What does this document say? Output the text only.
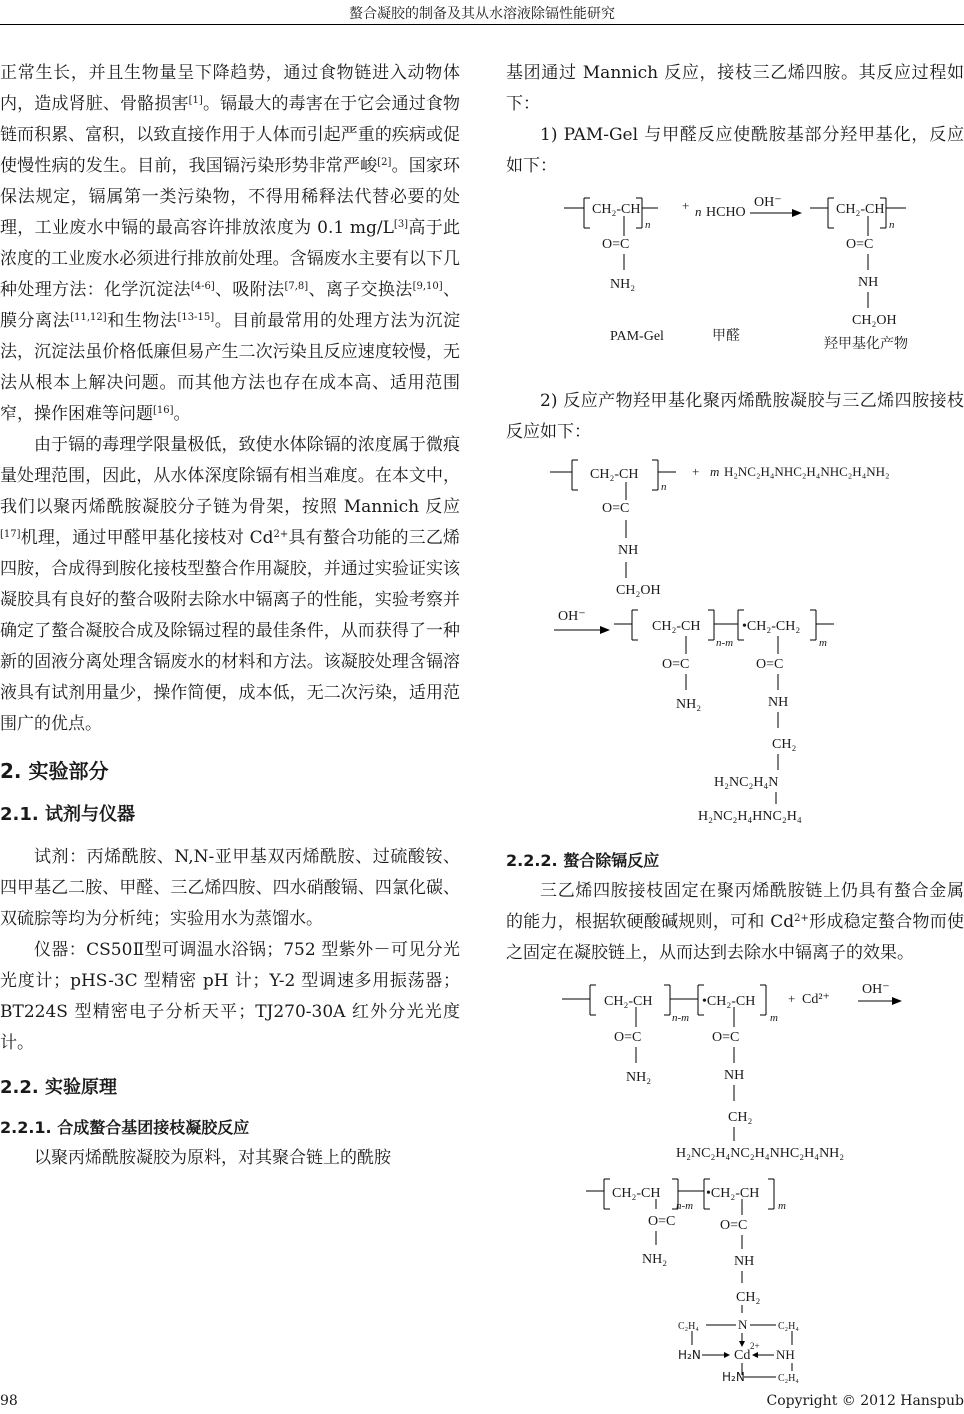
螯合凝胶的制备及其从水溶液除镉性能研究

正常生长，并且生物量呈下降趋势，通过食物链进入动物体内，造成肾脏、骨骼损害[1]。镉最大的毒害在于它会通过食物链而积累、富积，以致直接作用于人体而引起严重的疾病或促使慢性病的发生。目前，我国镉污染形势非常严峻[2]。国家环保法规定，镉属第一类污染物，不得用稀释法代替必要的处理，工业废水中镉的最高容许排放浓度为 0.1 mg/L[3]高于此浓度的工业废水必须进行排放前处理。含镉废水主要有以下几种处理方法：化学沉淀法[4-6]、吸附法[7,8]、离子交换法[9,10]、膜分离法[11,12]和生物法[13-15]。目前最常用的处理方法为沉淀法，沉淀法虽价格低廉但易产生二次污染且反应速度较慢，无法从根本上解决问题。而其他方法也存在成本高、适用范围窄，操作困难等问题[16]。

由于镉的毒理学限量极低，致使水体除镉的浓度属于微痕量处理范围，因此，从水体深度除镉有相当难度。在本文中，我们以聚丙烯酰胺凝胶分子链为骨架，按照 Mannich 反应[17]机理，通过甲醛甲基化接枝对 $Cd^{2+}$具有螯合功能的三乙烯四胺，合成得到胺化接枝型螯合作用凝胶，并通过实验证实该凝胶具有良好的螯合吸附去除水中镉离子的性能，实验考察并确定了螯合凝胶合成及除镉过程的最佳条件，从而获得了一种新的固液分离处理含镉废水的材料和方法。该凝胶处理含镉溶液具有试剂用量少，操作简便，成本低，无二次污染，适用范围广的优点。

2. 实验部分
2.1. 试剂与仪器

试剂：丙烯酰胺、N,N-亚甲基双丙烯酰胺、过硫酸铵、四甲基乙二胺、甲醛、三乙烯四胺、四水硝酸镉、四氯化碳、双硫腙等均为分析纯；实验用水为蒸馏水。

仪器：CS50Ⅱ型可调温水浴锅；752 型紫外－可见分光光度计；pHS-3C 型精密 pH 计；Y-2 型调速多用振荡器；BT224S 型精密电子分析天平；TJ270-30A 红外分光光度计。

2.2. 实验原理
2.2.1. 合成螯合基团接枝凝胶反应

以聚丙烯酰胺凝胶为原料，对其聚合链上的酰胺

基团通过 Mannich 反应，接枝三乙烯四胺。其反应过程如下：

1) PAM-Gel 与甲醛反应使酰胺基部分羟甲基化，反应如下：

CH₂-CH
n
O=C
NH₂
+ n HCHO
OH⁻	CH₂-CH
n
O=C
NH
CH₂OH
PAM-Gel	甲醛	羟甲基化产物

2) 反应产物羟甲基化聚丙烯酰胺凝胶与三乙烯四胺接枝反应如下：

CH₂-CH
n
O=C
NH
CH₂OH
+ m H₂NC₂H₄NHC₂H₄NHC₂H₄NH₂
OH⁻
CH₂-CH
n-m
•CH₂-CH₂
m
O=C
NH₂
O=C
NH
CH₂
H₂NC₂H₄N
H₂NC₂H₄HNC₂H₄
2.2.2. 螯合除镉反应

三乙烯四胺接枝固定在聚丙烯酰胺链上仍具有螯合金属的能力，根据软硬酸碱规则，可和 $Cd^{2+}$形成稳定螯合物而使之固定在凝胶链上，从而达到去除水中镉离子的效果。

CH₂-CH
n-m
•CH₂-CH
m
O=C
NH₂
O=C
NH
CH₂
H₂NC₂H₄NC₂H₄NHC₂H₄NH₂
+ Cd²⁺
OH⁻
CH₂-CH
n-m
•CH₂-CH
m
O=C
NH₂
O=C
NH
CH₂
N
C₂H₄	C₂H₄
H₂N Cd
2+
NH
H₂N	C₂H₄
98	Copyright © 2012 Hanspub
